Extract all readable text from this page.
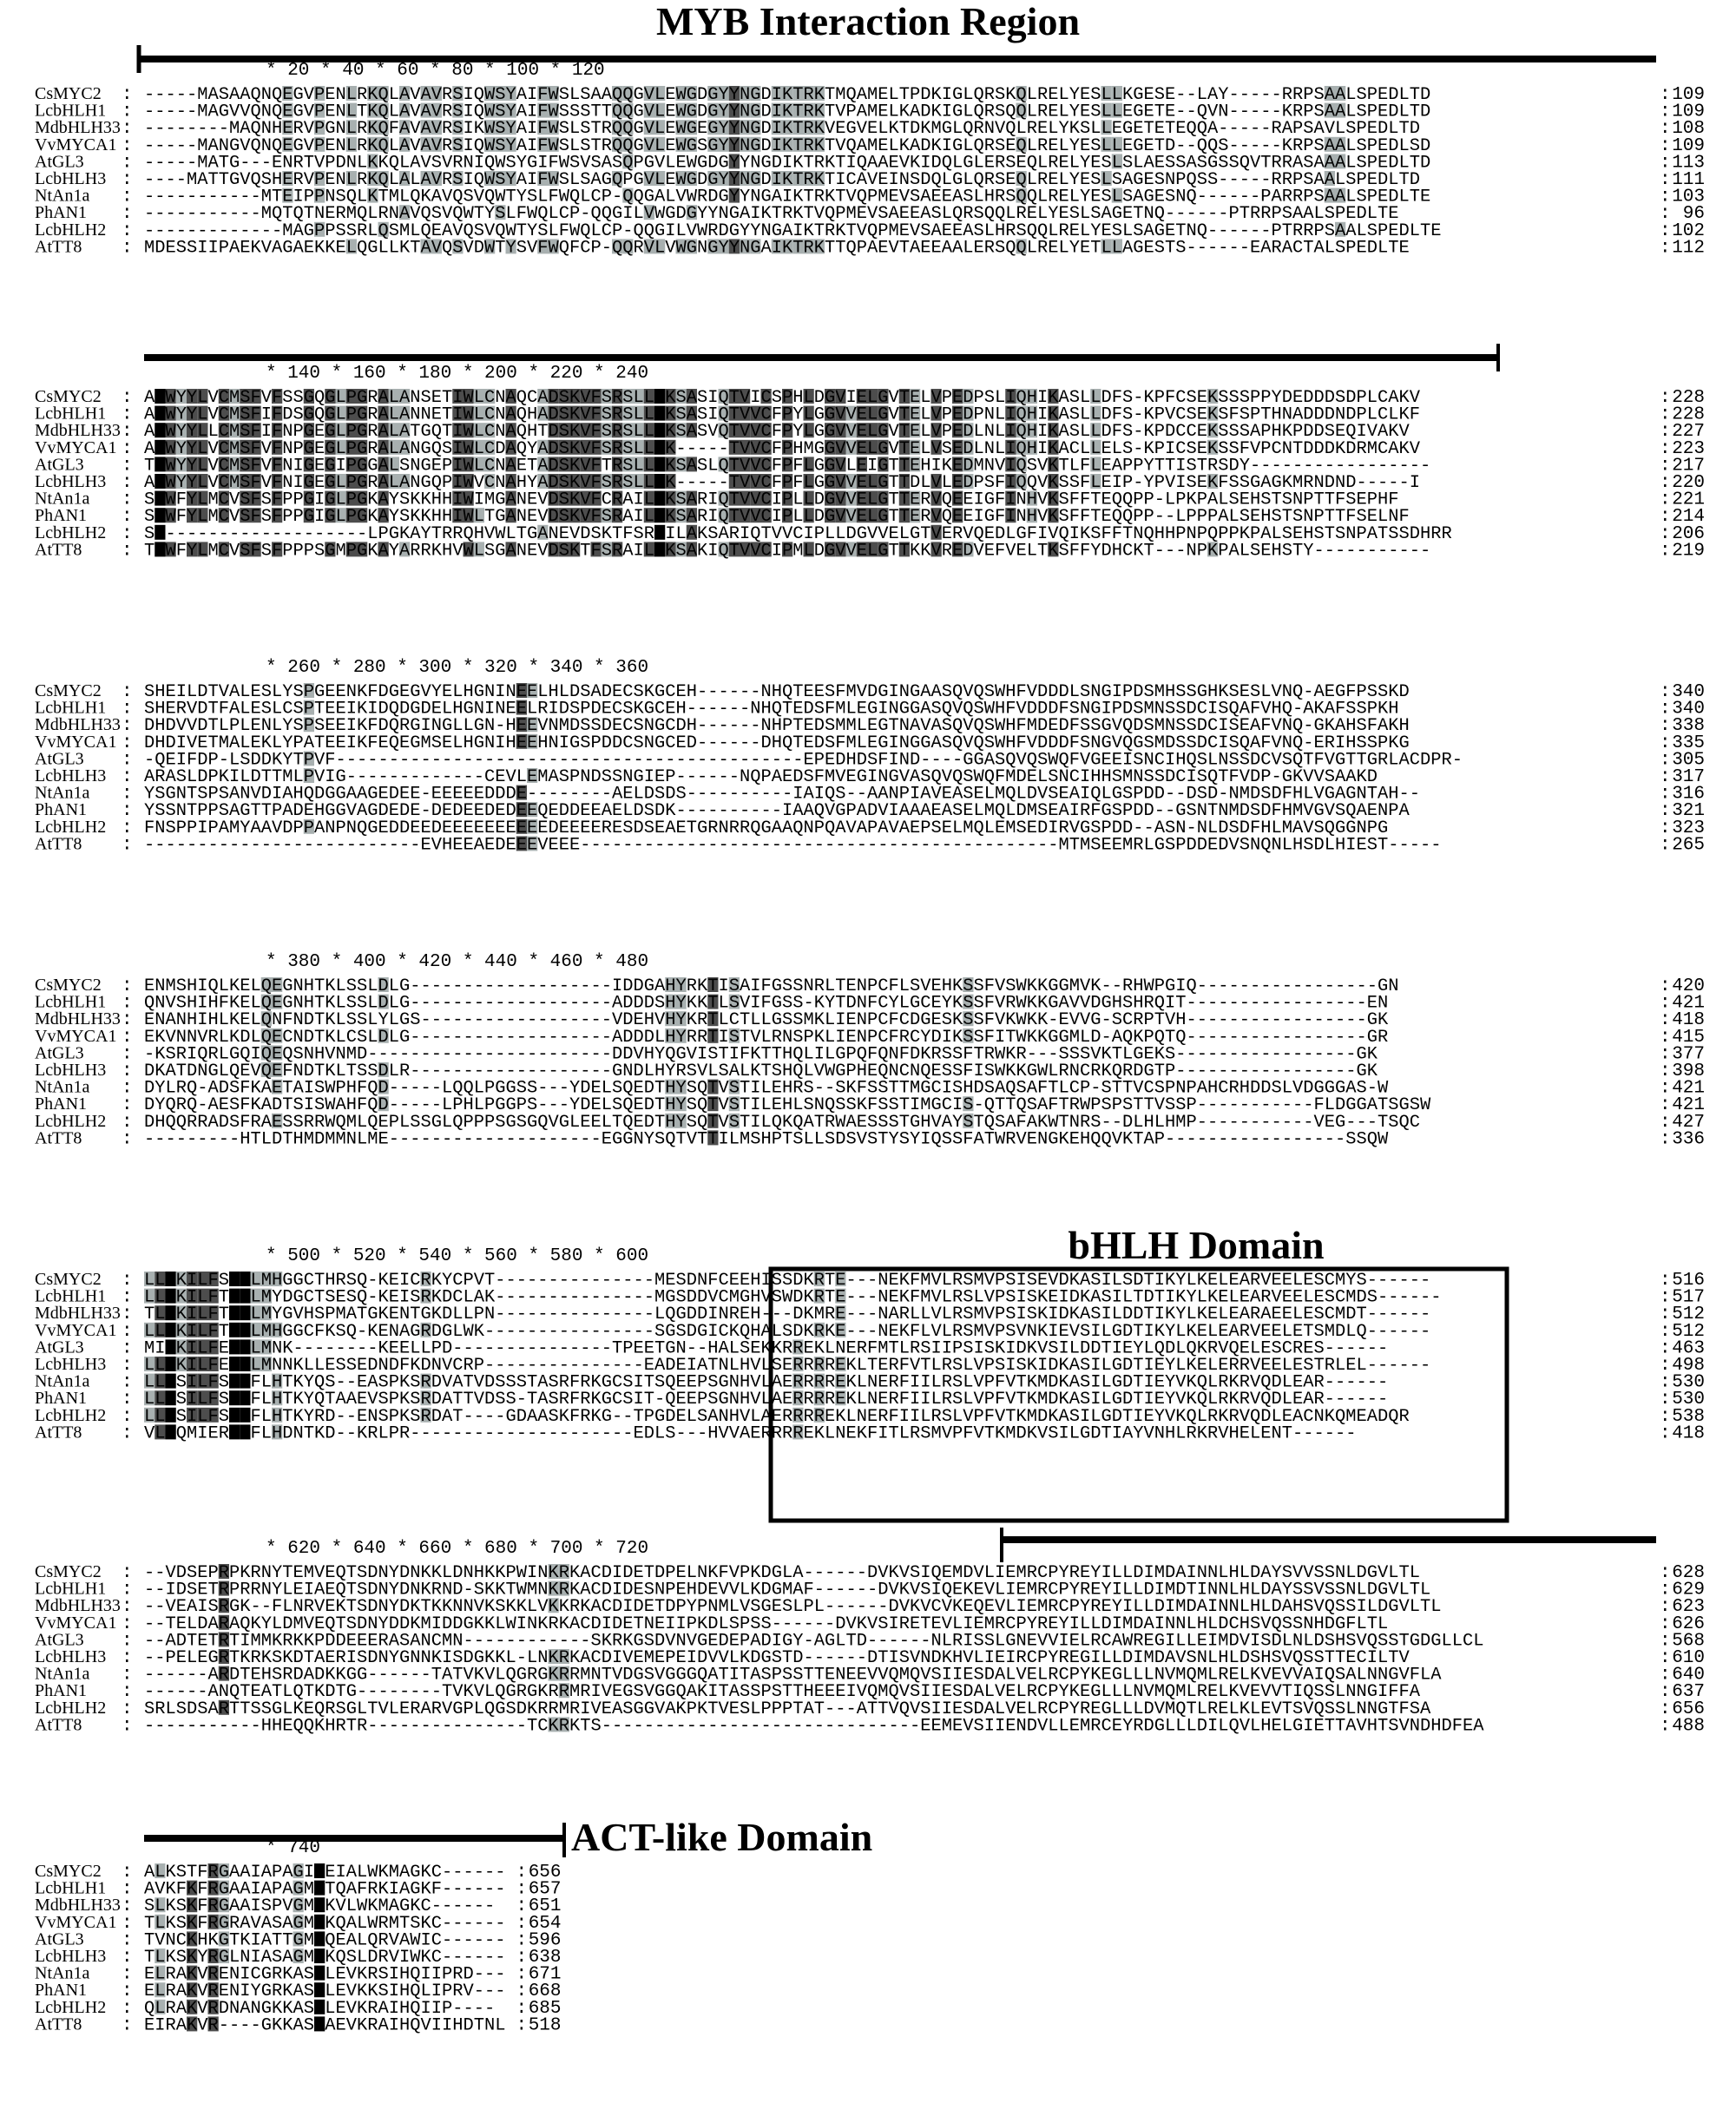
MYB Interaction Region
bHLH Domain
ACT-like Domain
* 20 * 40 * 60 * 80 * 100 * 120
CsMYC2 : -----MASAAQNQEGVPENLRKQLAVAVRSIQWSYAIFWSLSAAQQGVLEWGDGYYNGDIKTRKTMQAMELTPDKIGLQRSKQLRELYESLLKGESE--LAY-----RRPSAALSPEDLTD	: 109
LcbHLH1 : -----MAGVVQNQEGVPENLTKQLAVAVRSIQWSYAIFWSSSTTQQGVLEWGDGYYNGDIKTRKTVPAMELKADKIGLQRSQQLRELYESLLEGETE--QVN-----KRPSAALSPEDLTD	: 109
MdbHLH33 : --------MAQNHERVPGNLRKQFAVAVRSIKWSYAIFWSLSTRQQGVLEWGEGYYNGDIKTRKVEGVELKTDKMGLQRNVQLRELYKSLLEGETETEQQA-----RAPSAVLSPEDLTD	: 108
VvMYCA1 : -----MANGVQNQEGVPENLRKQLAVAVRSIQWSYAIFWSLSTRQQGVLEWGSGYYNGDIKTRKTVQAMELKADKIGLQRSEQLRELYESLLEGETD--QQS-----KRPSAALSPEDLSD	: 109
AtGL3 : -----MATG---ENRTVPDNLKKQLAVSVRNIQWSYGIFWSVSASQPGVLEWGDGYYNGDIKTRKTIQAAEVKIDQLGLERSEQLRELYESLSLAESSASGSSQVTRRASAAALSPEDLTD	: 113
LcbHLH3 : ----MATTGVQSHERVPENLRKQLALAVRSIQWSYAIFWSLSAGQPGVLEWGDGYYNGDIKTRKTICAVEINSDQLGLQRSEQLRELYESLSAGESNPQSS-----RRPSAALSPEDLTD	: 111
NtAn1a : -----------MTEIPPNSQLKTMLQKAVQSVQWTYSLFWQLCP-QQGALVWRDGYYNGAIKTRKTVQPMEVSAEEASLHRSQQLRELYESLSAGESNQ------PARRPSAALSPEDLTE	: 103
PhAN1 : -----------MQTQTNERMQLRNAVQSVQWTYSLFWQLCP-QQGILVWGDGYYNGAIKTRKTVQPMEVSAEEASLQRSQQLRELYESLSAGETNQ------PTRRPSAALSPEDLTE	: 96
LcbHLH2 : -------------MAGPPSSRLQSMLQEAVQSVQWTYSLFWQLCP-QQGILVWRDGYYNGAIKTRKTVQPMEVSAEEASLHRSQQLRELYESLSAGETNQ------PTRRPSAALSPEDLTE	: 102
AtTT8 : MDESSIIPAEKVAGAEKKELQGLLKTAVQSVDWTYSVFWQFCP-QQRVLVWGNGYYNGAIKTRKTTQPAEVTAEEAALERSQQLRELYETLLAGESTS------EARACTALSPEDLTE	: 112
* 140 * 160 * 180 * 200 * 220 * 240
CsMYC2 : AEWYYLVCMSFVFSSGQGLPGRALANSETIWLCNAQCADSKVFSRSLLAKSASIQTVICSPHLDGVIELGVTELVPEDPSLIQHIKASLLDFS-KPFCSEKSSSPPYDEDDDSDPLCAKV	: 228
LcbHLH1 : AEWYYLVCMSFIFDSGQGLPGRALANNETIWLCNAQHADSKVFSRSLLAKSASIQTVVCFPYLGGVVELGVTELVPEDPNLIQHIKASLLDFS-KPVCSEKSFSPTHNADDDNDPLCLKF	: 228
MdbHLH33 : AEWYYLLCMSFIFNPGEGLPGRALATGQTIWLCNAQHTDSKVFSRSLLAKSASVQTVVCFPYLGGVVELGVTELVPEDLNLIQHIKASLLDFS-KPDCCEKSSSAPHKPDDSEQIVAKV	: 227
VvMYCA1 : AEWYYLVCMSFVFNPGEGLPGRALANGQSIWLCDAQYADSKVFSRSLLAK-----TVVCFPHMGGVVELGVTELVSEDLNLIQHIKACLLELS-KPICSEKSSFVPCNTDDDKDRMCAKV	: 223
AtGL3 : TEWYYLVCMSFVFNIGEGIPGGALSNGEPIWLCNAETADSKVFTRSLLAKSASLQTVVCFPFLGGVLEIGTTEHIKEDMNVIQSVKTLFLEAPPYTTISTRSDY-----------------	: 217
LcbHLH3 : AEWYYLVCMSFVFNIGEGLPGRALANGQPIWVCNAHYADSKVFSRSLLAK-----TVVCFPFLGGVVELGTTDLVLEDPSFIQQVKSSFLEIP-YPVISEKFSSGAGKMRNDND-----I	: 220
NtAn1a : SEWFYLMCVSFSFPPGIGLPGKAYSKKHHIWIMGANEVDSKVFCRAILAKSARIQTVVCIPLLDGVVELGTTERVQEEIGFINHVKSFFTEQQPP-LPKPALSEHSTSNPTTFSEPHF	: 221
PhAN1 : SEWFYLMCVSFSFPPGIGLPGKAYSKKHHIWLTGANEVDSKVFSRAILAKSARIQTVVCIPLLDGVVELGTTERVQEEIGFINHVKSFFTEQQPP--LPPPALSEHSTSNPTTFSELNF	: 214
LcbHLH2 : SE-------------------LPGKAYTRRQHVWLTGANEVDSKTFSRAILAKSARIQTVVCIPLLDGVVELGTVERVQEDLGFIVQIKSFFTNQHHPNPQPPKPALSEHSTSNPATSSDHRR	: 206
AtTT8 : TEWFYLMCVSFSFPPPSGMPGKAYARRKHVWLSGANEVDSKTFSRAILAKSAKIQTVVCIPMLDGVVELGTTKKVREDVEFVELTKSFFYDHCKT---NPKPALSEHSTY-----------	: 219
* 260 * 280 * 300 * 320 * 340 * 360
CsMYC2 : SHEILDTVALESLYSPGEENKFDGEGVYELHGNINEELHLDSADECSKGCEH------NHQTEESFMVDGINGAASQVQSWHFVDDDLSNGIPDSMHSSGHKSESLVNQ-AEGFPSSKD	: 340
LcbHLH1 : SHERVDTFALESLCSPTEEIKIDQDGDELHGNINEELRIDSPDECSKGCEH------NHQTEDSFMLEGINGGASQVQSWHFVDDDFSNGIPDSMNSSDCISQAFVHQ-AKAFSSPKH	: 340
MdbHLH33 : DHDVVDTLPLENLYSPSEEIKFDQRGINGLLGN-HEEVNMDSSDECSNGCDH------NHPTEDSMMLEGTNAVASQVQSWHFMDEDFSSGVQDSMNSSDCISEAFVNQ-GKAHSFAKH	: 338
VvMYCA1 : DHDIVETMALEKLYPATEEIKFEQEGMSELHGNIHEEHNIGSPDDCSNGCED------DHQTEDSFMLEGINGGASQVQSWHFVDDDFSNGVQGSMDSSDCISQAFVNQ-ERIHSSPKG	: 335
AtGL3 : -QEIFDP-LSDDKYTPVF--------------------------------------------EPEDHDSFIND----GGASQVQSWQFVGEEISNCIHQSLNSSDCVSQTFVGTTGRLACDPR-	: 305
LcbHLH3 : ARASLDPKILDTTMLPVIG-------------CEVLEMASPNDSSNGIEP------NQPAEDSFMVEGINGVASQVQSWQFMDELSNCIHHSMNSSDCISQTFVDP-GKVVSAAKD	: 317
NtAn1a : YSGNTSPSANVDIAHQDGGAAGEDEE-EEEEEDDDE--------AELDSDS----------IAIQS--AANPIAVEASELMQLDVSEAIQLGSPDD--DSD-NMDSDFHLVGAGNTAH--	: 316
PhAN1 : YSSNTPPSAGTTPADEHGGVAGDEDE-DEDEEDEDEEQEDDEEAELDSDK----------IAAQVGPADVIAAAEASELMQLDMSEAIRFGSPDD--GSNTNMDSDFHMVGVSQAENPA	: 321
LcbHLH2 : FNSPPIPAMYAAVDPPANPNQGEDDEEDEEEEEEEEEEDEEEERESDSEAETGRNRRQGAAQNPQAVAPAVAEPSELMQLEMSEDIRVGSPDD--ASN-NLDSDFHLMAVSQGGNPG	: 323
AtTT8 : --------------------------EVHEEAEDEEEVEEE---------------------------------------------MTMSEEMRLGSPDDEDVSNQNLHSDLHIEST-----	: 265
* 380 * 400 * 420 * 440 * 460 * 480
CsMYC2 : ENMSHIQLKELQEGNHTKLSSLDLG-------------------IDDGAHYRKTISAIFGSSNRLTENPCFLSVEHKSSFVSWKKGGMVK--RHWPGIQ-----------------GN	: 420
LcbHLH1 : QNVSHIHFKELQEGNHTKLSSLDLG-------------------ADDDSHYKKTLSVIFGSS-KYTDNFCYLGCEYKSSFVRWKKGAVVDGHSHRQIT-----------------EN	: 421
MdbHLH33 : ENANHIHLKELQNFNDTKLSSLYLGS------------------VDEHVHYKRTLCTLLGSSMKLIENPCFCDGESKSSFVKWKK-EVVG-SCRPTVH-----------------GK	: 418
VvMYCA1 : EKVNNVRLKDLQECNDTKLCSLDLG-------------------ADDDLHYRRTISTVLRNSPKLIENPCFRCYDIKSSFITWKKGGMLD-AQKPQTQ-----------------GR	: 415
AtGL3 : -KSRIQRLGQIQEQSNHVNMD-----------------------DDVHYQGVISTIFKTTHQLILGPQFQNFDKRSSFTRWKR---SSSVKTLGEKS-----------------GK	: 377
LcbHLH3 : DKATDNGLQEVQEFNDTKLTSSDLR-------------------GNDLHYRSVLSALKTSHQLVWGPHEQNCNQESSFISWKKGWLRNCRKQRDGTP-----------------GK	: 398
NtAn1a : DYLRQ-ADSFKAETAISWPHFQD-----LQQLPGGSS---YDELSQEDTHYSQTVSTILEHRS--SKFSSTTMGCISHDSAQSAFTLCP-STTVCSPNPAHCRHDDSLVDGGGAS-W	: 421
PhAN1 : DYQRQ-AESFKADTSISWAHFQD-----LPHLPGGPS---YDELSQEDTHYSQTVSTILEHLSNQSSKFSSTIMGCIS-QTTQSAFTRWPSPSTTVSSP-----------FLDGGATSGSW	: 421
LcbHLH2 : DHQQRRADSFRAESSRRWQMLQEPLSSGLQPPPSGSGQVGLEELTQEDTHYSQTVSTILQKQATRWAESSSTGHVAYSTQSAFAKWTNRS--DLHLHMP-----------VEG---TSQC	: 427
AtTT8 : ---------HTLDTHMDMMNLME--------------------EGGNYSQTVTTILMSHPTSLLSDSVSTYSYIQSSFATWRVENGKEHQQVKTAP-----------------SSQW	: 336
* 500 * 520 * 540 * 560 * 580 * 600
CsMYC2 : LLKKILFSVPLMHGGCTHRSQ-KEICRKYCPVT---------------MESDNFCEEHISSDKRTE---NEKFMVLRSMVPSISEVDKASILSDTIKYLKELEARVEELESCMYS------	: 516
LcbHLH1 : LLKKILFTVPLMYDGCTSESQ-KEISRKDCLAK---------------MGSDDVCMGHVSWDKRTE---NEKFMVLRSLVPSISKEIDKASILTDTIKYLKELEARVEELESCMDS------	: 517
MdbHLH33 : TLKKILFTVPLMYGVHSPMATGKENTGKDLLPN---------------LQGDDINREH---DKMRE---NARLLVLRSMVPSISKIDKASILDDTIKYLKELEARAEELESCMDT------	: 512
VvMYCA1 : LLKKILFTVPLMHGGCFKSQ-KENAGRDGLWK----------------SGSDGICKQHALSDKRKE---NEKFLVLRSMVPSVNKIEVSILGDTIKYLKELEARVEELETSMDLQ------	: 512
AtGL3 : MIKKILFEVPLMNK--------KEELLPD---------------TPEETGN--HALSEKKRREKLNERFMTLRSIIPSISKIDKVSILDDTIEYLQDLQKRVQELESCRES------	: 463
LcbHLH3 : LLKKILFEVPLMNNKLLESSEDNDFKDNVCRP---------------EADEIATNLHVLSERRRREKLTERFVTLRSLVPSISKIDKASILGDTIEYLKELERRVEELESTRLEL------	: 498
NtAn1a : LLKSILFSVPFLHTKYQS--EASPKSRDVATVDSSSTASRFRKGCSITSQEEPSGNHVLAERRRREKLNERFIILRSLVPFVTKMDKASILGDTIEYVKQLRKRVQDLEAR------	: 530
PhAN1 : LLKSILFSVPFLHTKYQTAAEVSPKSRDATTVDSS-TASRFRKGCSIT-QEEPSGNHVLAERRRREKLNERFIILRSLVPFVTKMDKASILGDTIEYVKQLRKRVQDLEAR------	: 530
LcbHLH2 : LLKSILFSVPFLHTKYRD--ENSPKSRDAT----GDAASKFRKG--TPGDELSANHVLAERRRREKLNERFIILRSLVPFVTKMDKASILGDTIEYVKQLRKRVQDLEACNKQMEADQR	: 538
AtTT8 : VLKQMIERVPFLHDNTKD--KRLPR---------------------EDLS---HVVAERRRREKLNEKFITLRSMVPFVTKMDKVSILGDTIAYVNHLRKRVHELENT------	: 418
* 620 * 640 * 660 * 680 * 700 * 720
CsMYC2 : --VDSEPRPKRNYTEMVEQTSDNYDNKKLDNHKKPWINKRKACDIDETDPELNKFVPKDGLA------DVKVSIQEMDVLIEMRCPYREYILLDIMDAINNLHLDAYSVVSSNLDGVLTL	: 628
LcbHLH1 : --IDSETRPRRNYLEIAEQTSDNYDNKRND-SKKTWMNKRKACDIDESNPEHDEVVLKDGMAF------DVKVSIQEKEVLIEMRCPYREYILLDIMDTINNLHLDAYSSVSSNLDGVLTL	: 629
MdbHLH33 : --VEAISRGK--FLNRVEKTSDNYDKTKKNNVKSKKLVKKRKACDIDETDPYPNMLVSGESLPL------DVKVCVKEQEVLIEMRCPYREYILLDIMDAINNLHLDAHSVQSSILDGVLTL	: 623
VvMYCA1 : --TELDARAQKYLDMVEQTSDNYDDKMIDDGKKLWINKRKACDIDETNEIIPKDLSPSS------DVKVSIRETEVLIEMRCPYREYILLDIMDAINNLHLDCHSVQSSNHDGFLTL	: 626
AtGL3 : --ADTETRTIMMKRKKPDDEEERASANCMN------------SKRKGSDVNVGEDEPADIGY-AGLTD------NLRISSLGNEVVIELRCAWREGILLEIMDVISDLNLDSHSVQSSTGDGLLCL	: 568
LcbHLH3 : --PELEGRTKRKSKDTAERISDNYGNNKISDGKKL-LNKRKACDIVEMEPEIDVVLKDGSTD------DTISVNDKHVLIEIRCPYREGILLDIMDAVSNLHLDSHSVQSSTTECILTV	: 610
NtAn1a : ------ARDTEHSRDADKKGG------TATVKVLQGRGKRRMNTVDGSVGGGQATITASPSSTTENEEVVQMQVSIIESDALVELRCPYKEGLLLNVMQMLRELKVEVVAIQSALNNGVFLA	: 640
PhAN1 : ------ANQTEATLQTKDTG--------TVKVLQGRGKRRMRIVEGSVGGQAKITASSPSTTHEEEIVQMQVSIIESDALVELRCPYKEGLLLNVMQMLRELKVEVVTIQSSLNNGIFFA	: 637
LcbHLH2 : SRLSDSARTTSSGLKEQRSGLTVLERARVGPLQGSDKRRMRIVEASGGVAKPKTVESLPPPTAT---ATTVQVSIIESDALVELRCPYREGLLLDVMQTLRELKLEVTSVQSSLNNGTFSA	: 656
AtTT8 : -----------HHEQQKHRTR---------------TCKRKTS------------------------------EEMEVSIIENDVLLEMRCEYRDGLLLDILQVLHELGIETTAVHTSVNDHDFEA	: 488
* 740
CsMYC2 : ALKSTFRGAAIAPAGIIEIALWKMAGKC------ : 656
LcbHLH1 : AVKFKFRGAAIAPAGMITQAFRKIAGKF------ : 657
MdbHLH33 : SLKSKFRGAAISPVGMIKVLWKMAGKC------ : 651
VvMYCA1 : TLKSKFRGRAVASAGMIKQALWRMTSKC------ : 654
AtGL3 : TVNCKHKGTKIATTGMIQEALQRVAWIC------ : 596
LcbHLH3 : TLKSKYRGLNIASAGMIKQSLDRVIWKC------ : 638
NtAn1a : ELRAKVRENICGRKASILEVKRSIHQIIPRD--- : 671
PhAN1 : ELRAKVRENIYGRKASILEVKKSIHQLIPRV--- : 668
LcbHLH2 : QLRAKVRDNANGKKASILEVKRAIHQIIP---- : 685
AtTT8 : EIRAKVR----GKKASIAEVKRAIHQVIIHDTNL : 518
